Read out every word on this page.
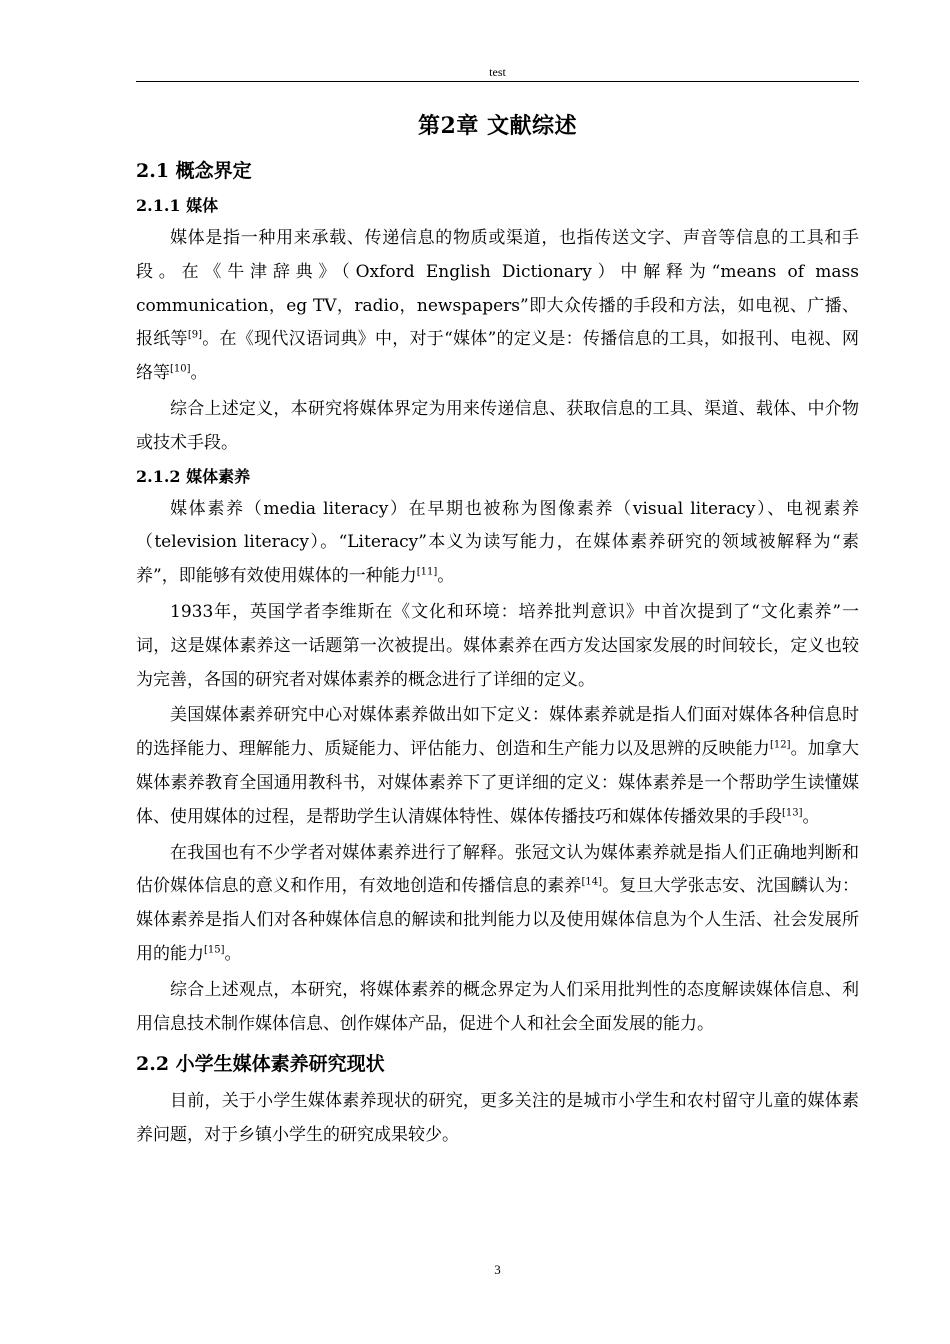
test
第2章 文献综述
2.1 概念界定
2.1.1 媒体

媒体是指一种用来承载、传递信息的物质或渠道，也指传送文字、声音等信息的工具和手段。在《牛津辞典》（Oxford English Dictionary）中解释为“means of mass communication，eg TV，radio，newspapers”即大众传播的手段和方法，如电视、广播、报纸等[9]。在《现代汉语词典》中，对于“媒体”的定义是：传播信息的工具，如报刊、电视、网络等[10]。

综合上述定义，本研究将媒体界定为用来传递信息、获取信息的工具、渠道、载体、中介物或技术手段。

2.1.2 媒体素养

媒体素养（media literacy）在早期也被称为图像素养（visual literacy）、电视素养（television literacy）。“Literacy”本义为读写能力，在媒体素养研究的领域被解释为“素养”，即能够有效使用媒体的一种能力[11]。

1933年，英国学者李维斯在《文化和环境：培养批判意识》中首次提到了“文化素养”一词，这是媒体素养这一话题第一次被提出。媒体素养在西方发达国家发展的时间较长，定义也较为完善，各国的研究者对媒体素养的概念进行了详细的定义。

美国媒体素养研究中心对媒体素养做出如下定义：媒体素养就是指人们面对媒体各种信息时的选择能力、理解能力、质疑能力、评估能力、创造和生产能力以及思辨的反映能力[12]。加拿大媒体素养教育全国通用教科书，对媒体素养下了更详细的定义：媒体素养是一个帮助学生读懂媒体、使用媒体的过程，是帮助学生认清媒体特性、媒体传播技巧和媒体传播效果的手段[13]。

在我国也有不少学者对媒体素养进行了解释。张冠文认为媒体素养就是指人们正确地判断和估价媒体信息的意义和作用，有效地创造和传播信息的素养[14]。复旦大学张志安、沈国麟认为：媒体素养是指人们对各种媒体信息的解读和批判能力以及使用媒体信息为个人生活、社会发展所用的能力[15]。

综合上述观点，本研究，将媒体素养的概念界定为人们采用批判性的态度解读媒体信息、利用信息技术制作媒体信息、创作媒体产品，促进个人和社会全面发展的能力。

2.2 小学生媒体素养研究现状

目前，关于小学生媒体素养现状的研究，更多关注的是城市小学生和农村留守儿童的媒体素养问题，对于乡镇小学生的研究成果较少。

3
